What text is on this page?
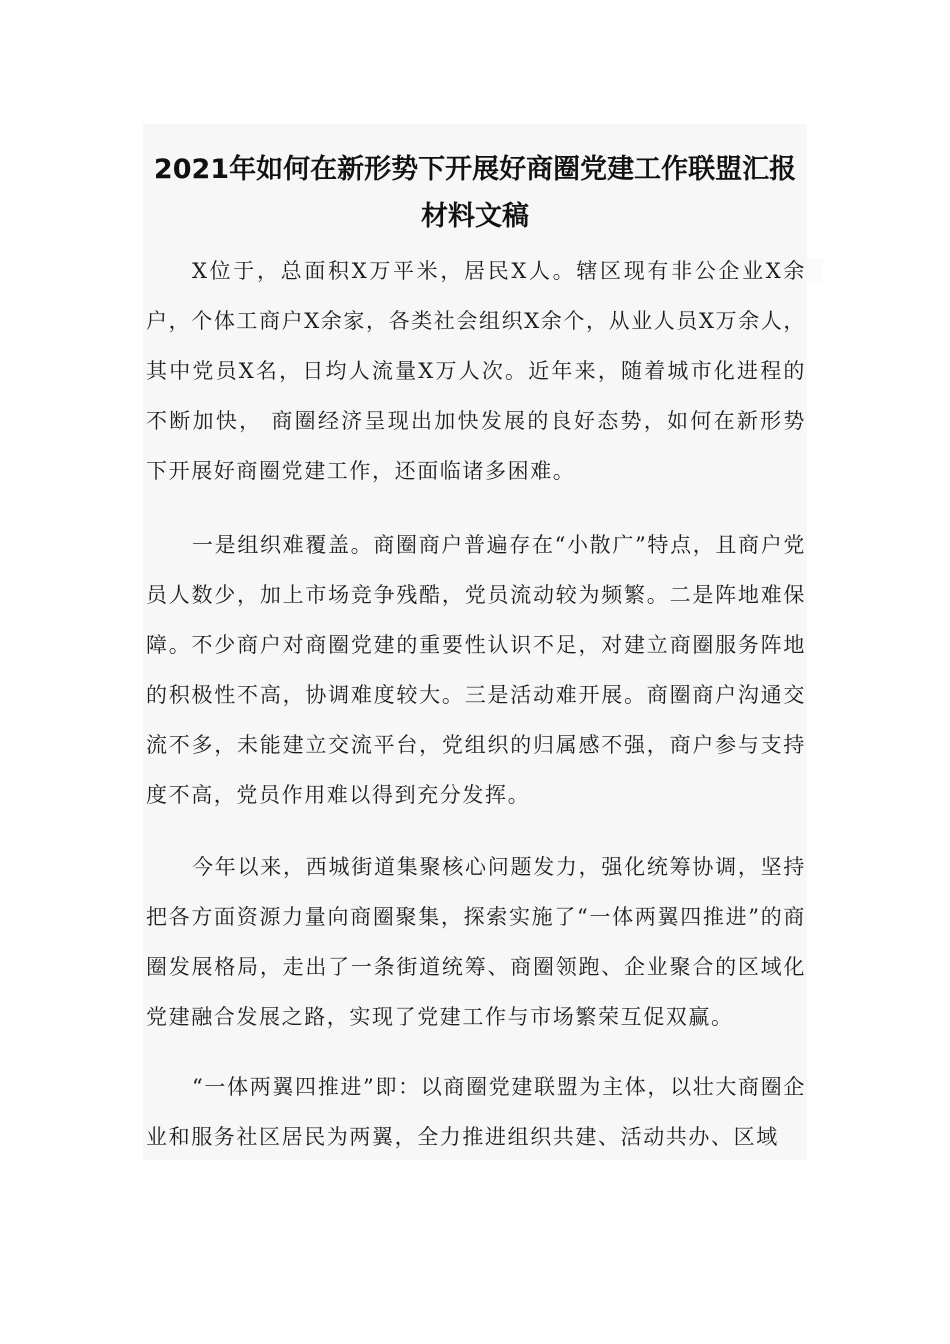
2021年如何在新形势下开展好商圈党建工作联盟汇报材料文稿

X位于，总面积X万平米，居民X人。辖区现有非公企业X余户，个体工商户X余家，各类社会组织X余个，从业人员X万余人，其中党员X名，日均人流量X万人次。近年来，随着城市化进程的不断加快， 商圈经济呈现出加快发展的良好态势，如何在新形势下开展好商圈党建工作，还面临诸多困难。

一是组织难覆盖。商圈商户普遍存在“小散广”特点，且商户党员人数少，加上市场竞争残酷，党员流动较为频繁。二是阵地难保障。不少商户对商圈党建的重要性认识不足，对建立商圈服务阵地的积极性不高，协调难度较大。三是活动难开展。商圈商户沟通交流不多，未能建立交流平台，党组织的归属感不强，商户参与支持度不高，党员作用难以得到充分发挥。

今年以来，西城街道集聚核心问题发力，强化统筹协调，坚持把各方面资源力量向商圈聚集，探索实施了“一体两翼四推进”的商圈发展格局，走出了一条街道统筹、商圈领跑、企业聚合的区域化党建融合发展之路，实现了党建工作与市场繁荣互促双赢。

“一体两翼四推进”即：以商圈党建联盟为主体，以壮大商圈企业和服务社区居民为两翼，全力推进组织共建、活动共办、区域
